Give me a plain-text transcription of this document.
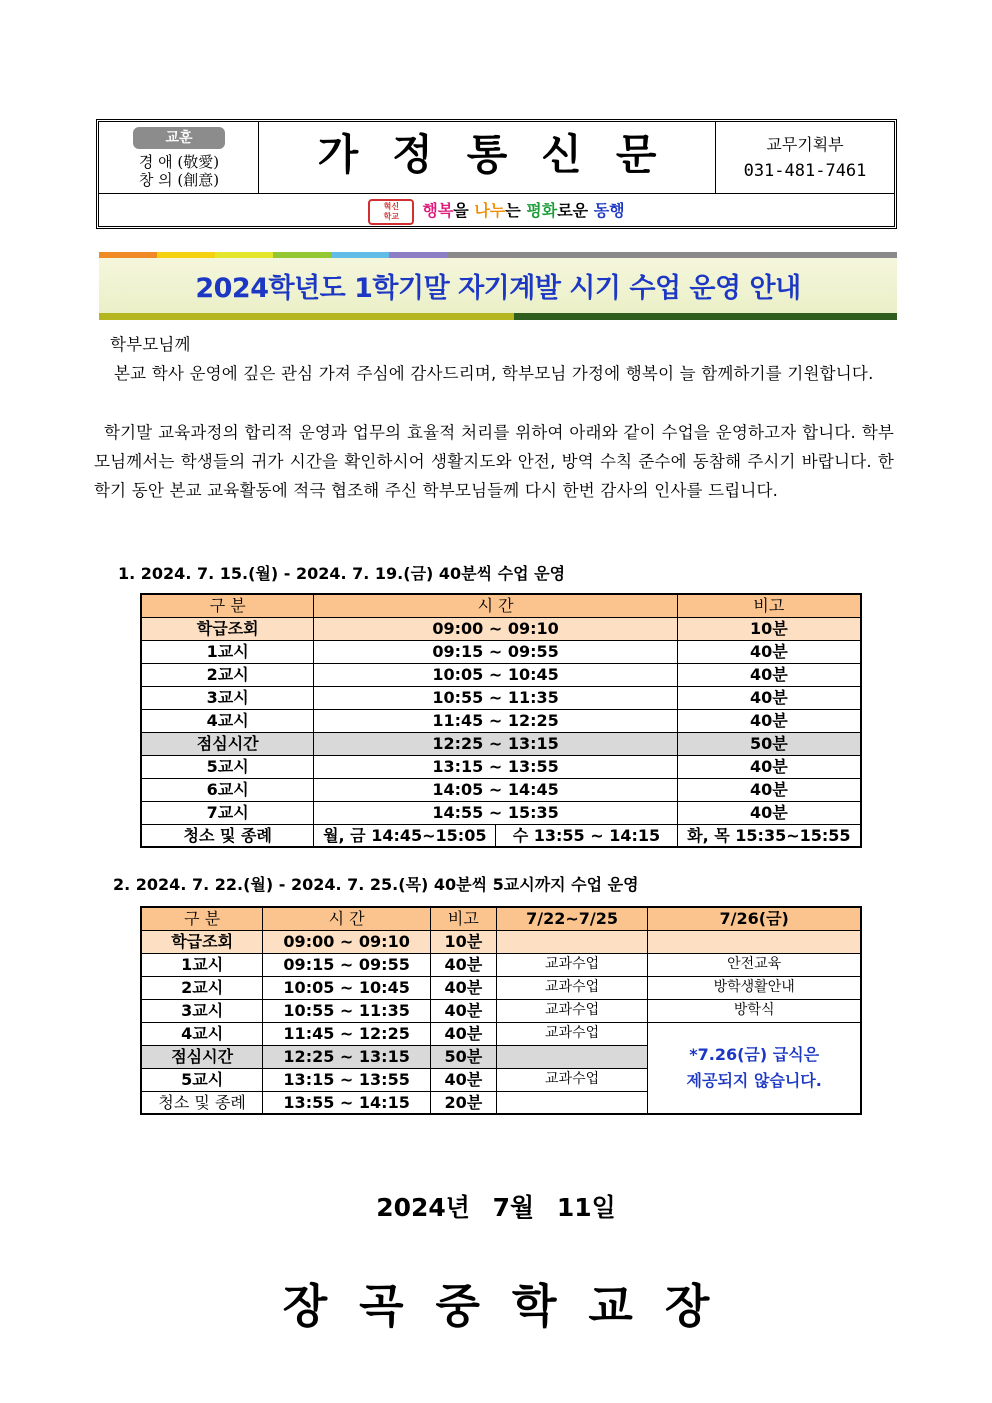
교훈
경 애 (敬愛)
창 의 (創意)
가정통신문	교무기획부
031-481-7461
혁신
학교 행복을 나누는 평화로운 동행
2024학년도 1학기말 자기계발 시기 수업 운영 안내
학부모님께
본교 학사 운영에 깊은 관심 가져 주심에 감사드리며, 학부모님 가정에 행복이 늘 함께하기를 기원합니다.
학기말 교육과정의 합리적 운영과 업무의 효율적 처리를 위하여 아래와 같이 수업을 운영하고자 합니다. 학부모님께서는 학생들의 귀가 시간을 확인하시어 생활지도와 안전, 방역 수칙 준수에 동참해 주시기 바랍니다. 한 학기 동안 본교 교육활동에 적극 협조해 주신 학부모님들께 다시 한번 감사의 인사를 드립니다.
1. 2024. 7. 15.(월) - 2024. 7. 19.(금) 40분씩 수업 운영
구 분	시 간		비고
학급조회	09:00 ~ 09:10		10분
1교시	09:15 ~ 09:55		40분
2교시	10:05 ~ 10:45		40분
3교시	10:55 ~ 11:35		40분
4교시	11:45 ~ 12:25		40분
점심시간	12:25 ~ 13:15		50분
5교시	13:15 ~ 13:55		40분
6교시	14:05 ~ 14:45		40분
7교시	14:55 ~ 15:35		40분
청소 및 종례	월, 금 14:45~15:05	수 13:55 ~ 14:15	화, 목 15:35~15:55
2. 2024. 7. 22.(월) - 2024. 7. 25.(목) 40분씩 5교시까지 수업 운영
구 분	시 간	비고	7/22~7/25	7/26(금)
학급조회	09:00 ~ 09:10	10분		
1교시	09:15 ~ 09:55	40분	교과수업	안전교육
2교시	10:05 ~ 10:45	40분	교과수업	방학생활안내
3교시	10:55 ~ 11:35	40분	교과수업	방학식
4교시	11:45 ~ 12:25	40분	교과수업	*7.26(금) 급식은
제공되지 않습니다.

점심시간	12:25 ~ 13:15	50분		
5교시	13:15 ~ 13:55	40분	교과수업	
청소 및 종례	13:55 ~ 14:15	20분		
2024년 7월 11일
장곡중학교장
